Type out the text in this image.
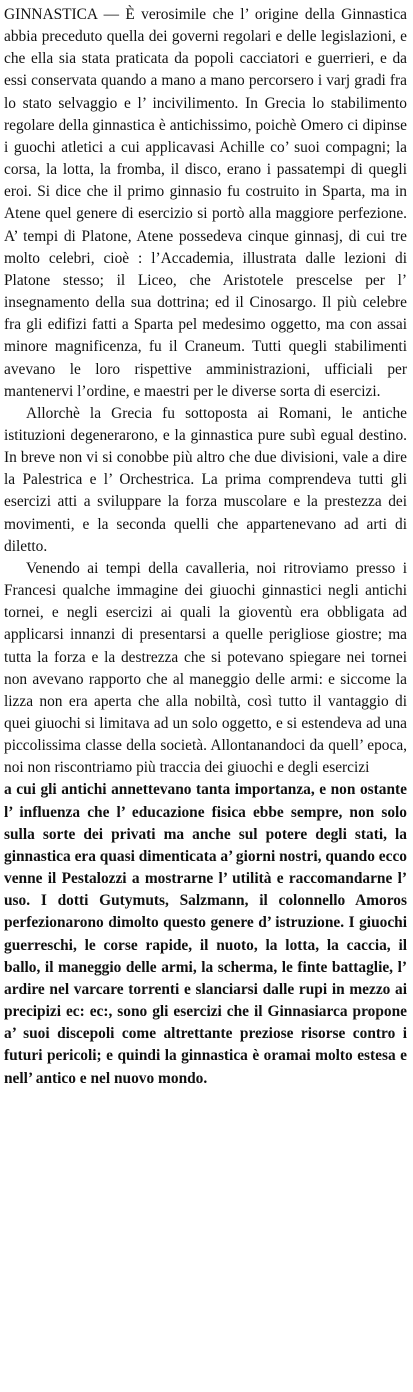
GINNASTICA — È verosimile che l’ origine della Ginnastica abbia preceduto quella dei governi regolari e delle legislazioni, e che ella sia stata praticata da popoli cacciatori e guerrieri, e da essi conservata quando a mano a mano percorsero i varj gradi fra lo stato selvaggio e l’ incivilimento. In Grecia lo stabilimento regolare della ginnastica è antichissimo, poichè Omero ci dipinse i guochi atletici a cui applicavasi Achille co’ suoi compagni; la corsa, la lotta, la fromba, il disco, erano i passatempi di quegli eroi. Si dice che il primo ginnasio fu costruito in Sparta, ma in Atene quel genere di esercizio si portò alla maggiore perfezione. A’ tempi di Platone, Atene possedeva cinque ginnasj, di cui tre molto celebri, cioè : l’Accademia, illustrata dalle lezioni di Platone stesso; il Liceo, che Aristotele prescelse per l’ insegnamento della sua dottrina; ed il Cinosargo. Il più celebre fra gli edifizi fatti a Sparta pel medesimo oggetto, ma con assai minore magnificenza, fu il Craneum. Tutti quegli stabilimenti avevano le loro rispettive amministrazioni, ufficiali per mantenervi l’ordine, e maestri per le diverse sorta di esercizi.

Allorchè la Grecia fu sottoposta ai Romani, le antiche istituzioni degenerarono, e la ginnastica pure subì egual destino. In breve non vi si conobbe più altro che due divisioni, vale a dire la Palestrica e l’ Orchestrica. La prima comprendeva tutti gli esercizi atti a sviluppare la forza muscolare e la prestezza dei movimenti, e la seconda quelli che appartenevano ad arti di diletto.

Venendo ai tempi della cavalleria, noi ritroviamo presso i Francesi qualche immagine dei giuochi ginnastici negli antichi tornei, e negli esercizi ai quali la gioventù era obbligata ad applicarsi innanzi di presentarsi a quelle perigliose giostre; ma tutta la forza e la destrezza che si potevano spiegare nei tornei non avevano rapporto che al maneggio delle armi: e siccome la lizza non era aperta che alla nobiltà, così tutto il vantaggio di quei giuochi si limitava ad un solo oggetto, e si estendeva ad una piccolissima classe della società. Allontanandoci da quell’ epoca, noi non riscontriamo più traccia dei giuochi e degli esercizi

a cui gli antichi annettevano tanta importanza, e non ostante l’ influenza che l’ educazione fisica ebbe sempre, non solo sulla sorte dei privati ma anche sul potere degli stati, la ginnastica era quasi dimenticata a’ giorni nostri, quando ecco venne il Pestalozzi a mostrarne l’ utilità e raccomandarne l’ uso. I dotti Gutymuts, Salzmann, il colonnello Amoros perfezionarono dimolto questo genere d’ istruzione. I giuochi guerreschi, le corse rapide, il nuoto, la lotta, la caccia, il ballo, il maneggio delle armi, la scherma, le finte battaglie, l’ ardire nel varcare torrenti e slanciarsi dalle rupi in mezzo ai precipizi ec: ec:, sono gli esercizi che il Ginnasiarca propone a’ suoi discepoli come altrettante preziose risorse contro i futuri pericoli; e quindi la ginnastica è oramai molto estesa e nell’ antico e nel nuovo mondo.
